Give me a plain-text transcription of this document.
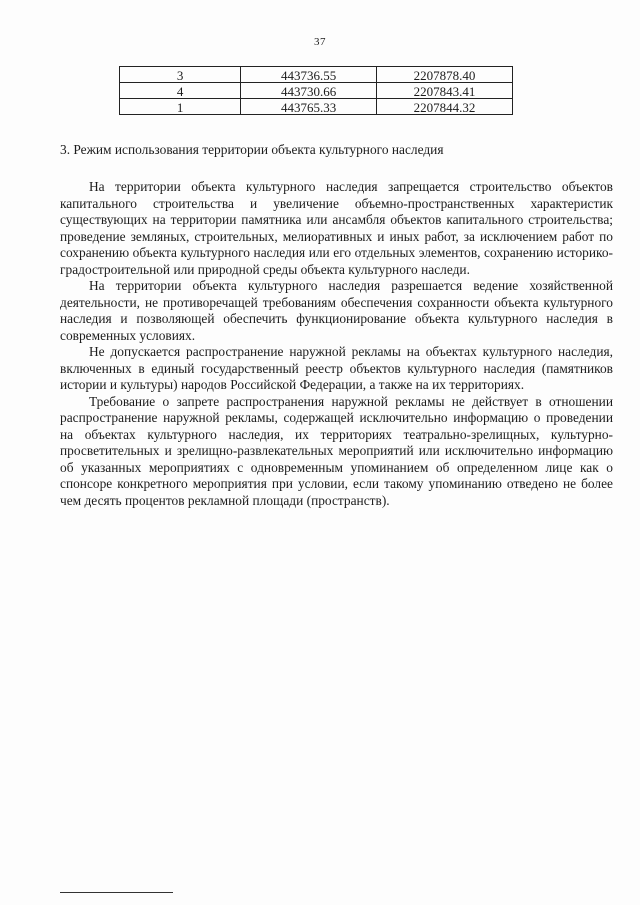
37
3	443736.55	2207878.40
4	443730.66	2207843.41
1	443765.33	2207844.32
3. Режим использования территории объекта культурного наследия

На территории объекта культурного наследия запрещается строительство объектов капитального строительства и увеличение объемно-пространственных характеристик существующих на территории памятника или ансамбля объектов капитального строительства; проведение земляных, строительных, мелиоративных и иных работ, за исключением работ по сохранению объекта культурного наследия или его отдельных элементов, сохранению историко-градостроительной или природной среды объекта культурного наследи.

На территории объекта культурного наследия разрешается ведение хозяйственной деятельности, не противоречащей требованиям обеспечения сохранности объекта культурного наследия и позволяющей обеспечить функционирование объекта культурного наследия в современных условиях.

Не допускается распространение наружной рекламы на объектах культурного наследия, включенных в единый государственный реестр объектов культурного наследия (памятников истории и культуры) народов Российской Федерации, а также на их территориях.

Требование о запрете распространения наружной рекламы не действует в отношении распространение наружной рекламы, содержащей исключительно информацию о проведении на объектах культурного наследия, их территориях театрально-зрелищных, культурно-просветительных и зрелищно-развлекательных мероприятий или исключительно информацию об указанных мероприятиях с одновременным упоминанием об определенном лице как о спонсоре конкретного мероприятия при условии, если такому упоминанию отведено не более чем десять процентов рекламной площади (пространств).
